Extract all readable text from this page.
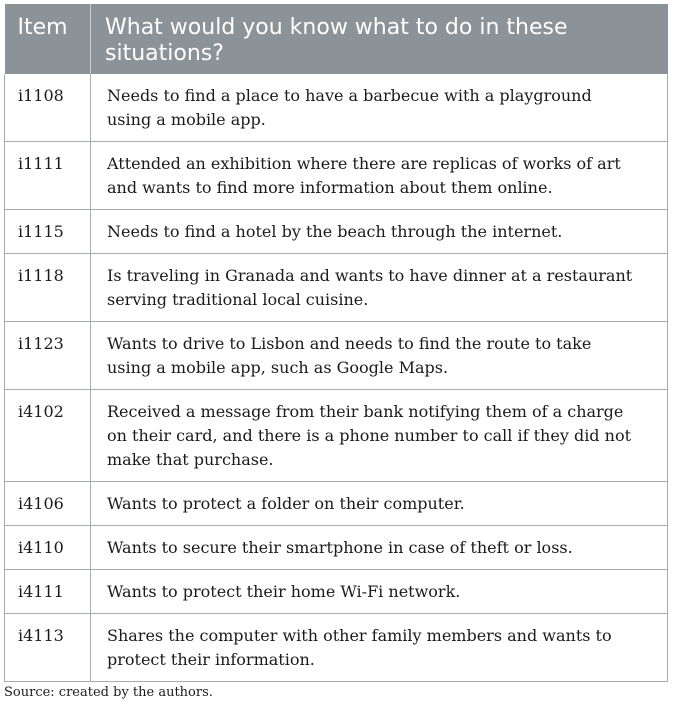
Item	What would you know what to do in these situations?
i1108	Needs to find a place to have a barbecue with a playground using a mobile app.
i1111	Attended an exhibition where there are replicas of works of art and wants to find more information about them online.
i1115	Needs to find a hotel by the beach through the internet.
i1118	Is traveling in Granada and wants to have dinner at a restaurant serving traditional local cuisine.
i1123	Wants to drive to Lisbon and needs to find the route to take using a mobile app, such as Google Maps.
i4102	Received a message from their bank notifying them of a charge on their card, and there is a phone number to call if they did not make that purchase.
i4106	Wants to protect a folder on their computer.
i4110	Wants to secure their smartphone in case of theft or loss.
i4111	Wants to protect their home Wi-Fi network.
i4113	Shares the computer with other family members and wants to protect their information.
Source: created by the authors.
